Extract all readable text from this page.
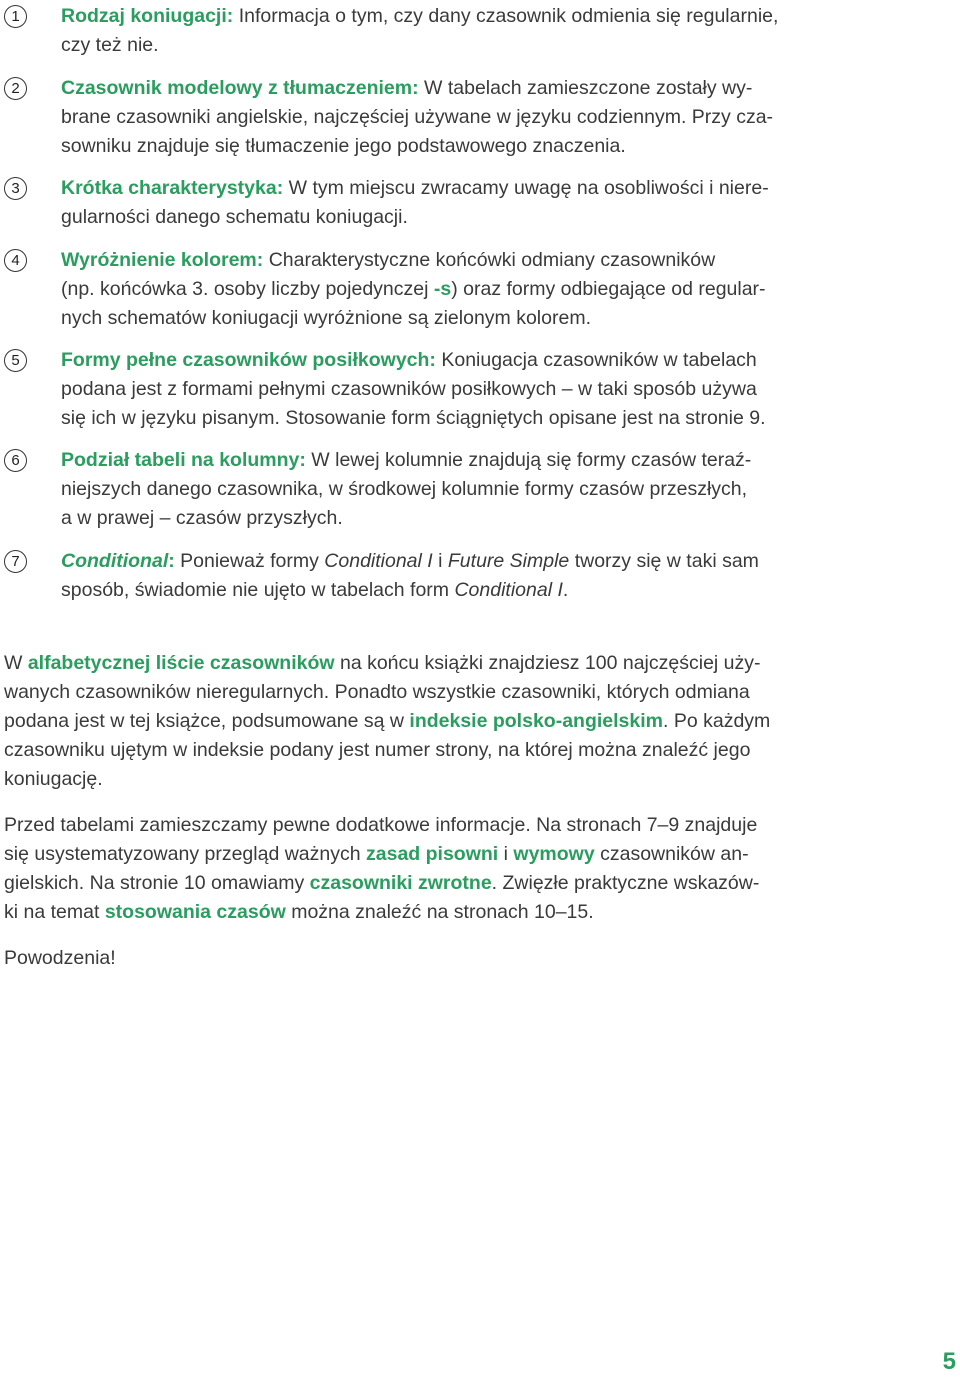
1	Rodzaj koniugacji: Informacja o tym, czy dany czasownik odmienia się regularnie,

czy też nie.

2	Czasownik modelowy z tłumaczeniem: W tabelach zamieszczone zostały wy-

brane czasowniki angielskie, najczęściej używane w języku codziennym. Przy cza-

sowniku znajduje się tłumaczenie jego podstawowego znaczenia.

3	Krótka charakterystyka: W tym miejscu zwracamy uwagę na osobliwości i niere-

gularności danego schematu koniugacji.

4	Wyróżnienie kolorem: Charakterystyczne końcówki odmiany czasowników

(np. końcówka 3. osoby liczby pojedynczej -s) oraz formy odbiegające od regular-

nych schematów koniugacji wyróżnione są zielonym kolorem.

5	Formy pełne czasowników posiłkowych: Koniugacja czasowników w tabelach

podana jest z formami pełnymi czasowników posiłkowych – w taki sposób używa

się ich w języku pisanym. Stosowanie form ściągniętych opisane jest na stronie 9.

6	Podział tabeli na kolumny: W lewej kolumnie znajdują się formy czasów teraź-

niejszych danego czasownika, w środkowej kolumnie formy czasów przeszłych,

a w prawej – czasów przyszłych.

7	Conditional: Ponieważ formy Conditional I i Future Simple tworzy się w taki sam

sposób, świadomie nie ujęto w tabelach form Conditional I.

W alfabetycznej liście czasowników na końcu książki znajdziesz 100 najczęściej uży-

wanych czasowników nieregularnych. Ponadto wszystkie czasowniki, których odmiana

podana jest w tej książce, podsumowane są w indeksie polsko-angielskim. Po każdym

czasowniku ujętym w indeksie podany jest numer strony, na której można znaleźć jego

koniugację.

Przed tabelami zamieszczamy pewne dodatkowe informacje. Na stronach 7–9 znajduje

się usystematyzowany przegląd ważnych zasad pisowni i wymowy czasowników an-

gielskich. Na stronie 10 omawiamy czasowniki zwrotne. Zwięzłe praktyczne wskazów-

ki na temat stosowania czasów można znaleźć na stronach 10–15.

Powodzenia!

5
